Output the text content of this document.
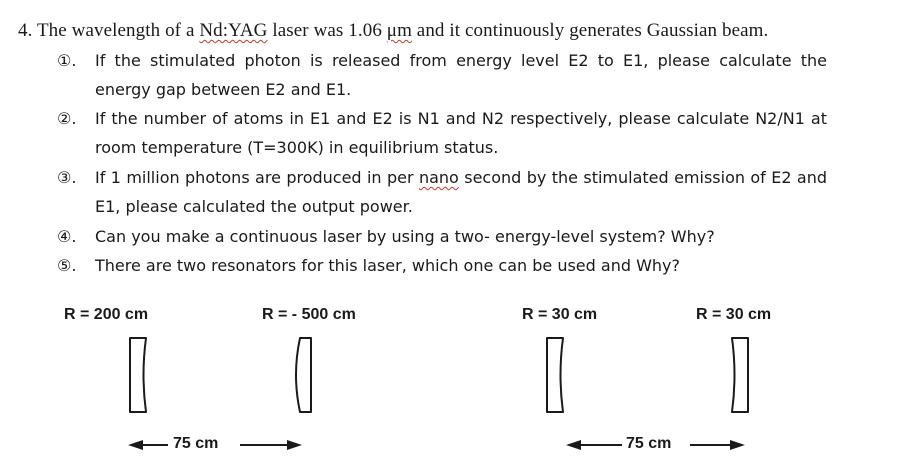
4. The wavelength of a Nd:YAG laser was 1.06 μm and it continuously generates Gaussian beam.
①. If the stimulated photon is released from energy level E2 to E1, please calculate the energy gap between E2 and E1.
②. If the number of atoms in E1 and E2 is N1 and N2 respectively, please calculate N2/N1 at room temperature (T=300K) in equilibrium status.
③. If 1 million photons are produced in per nano second by the stimulated emission of E2 and E1, please calculated the output power.
④. Can you make a continuous laser by using a two- energy-level system? Why?
⑤. There are two resonators for this laser, which one can be used and Why?
R = 200 cm	R = - 500 cm
75 cm
R = 30 cm	R = 30 cm
75 cm
